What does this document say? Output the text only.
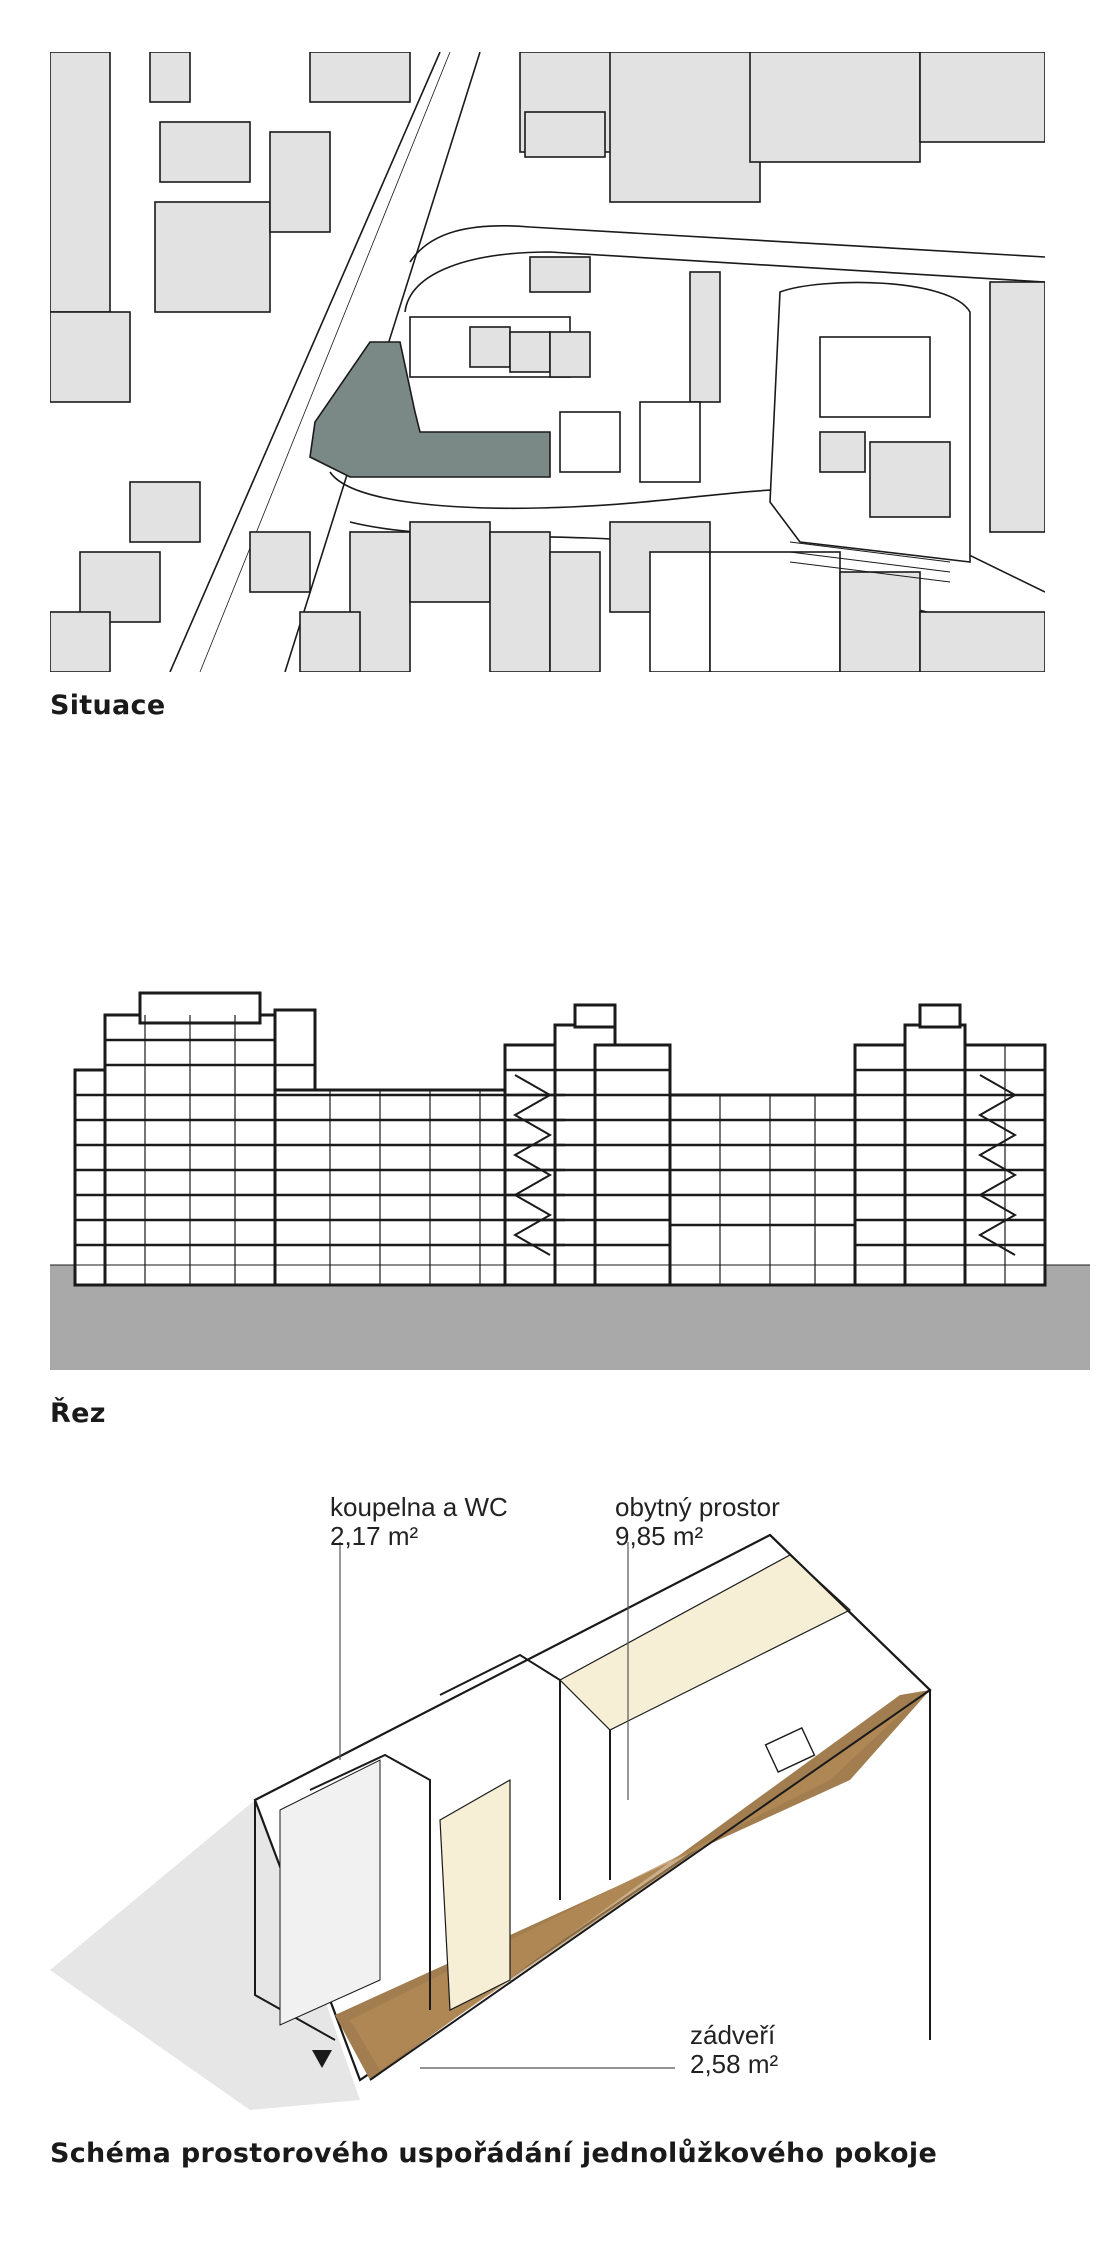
Situace
Řez
koupelna a WC
2,17 m²
obytný prostor
9,85 m²
zádveří
2,58 m²
Schéma prostorového uspořádání jednolůžkového pokoje
